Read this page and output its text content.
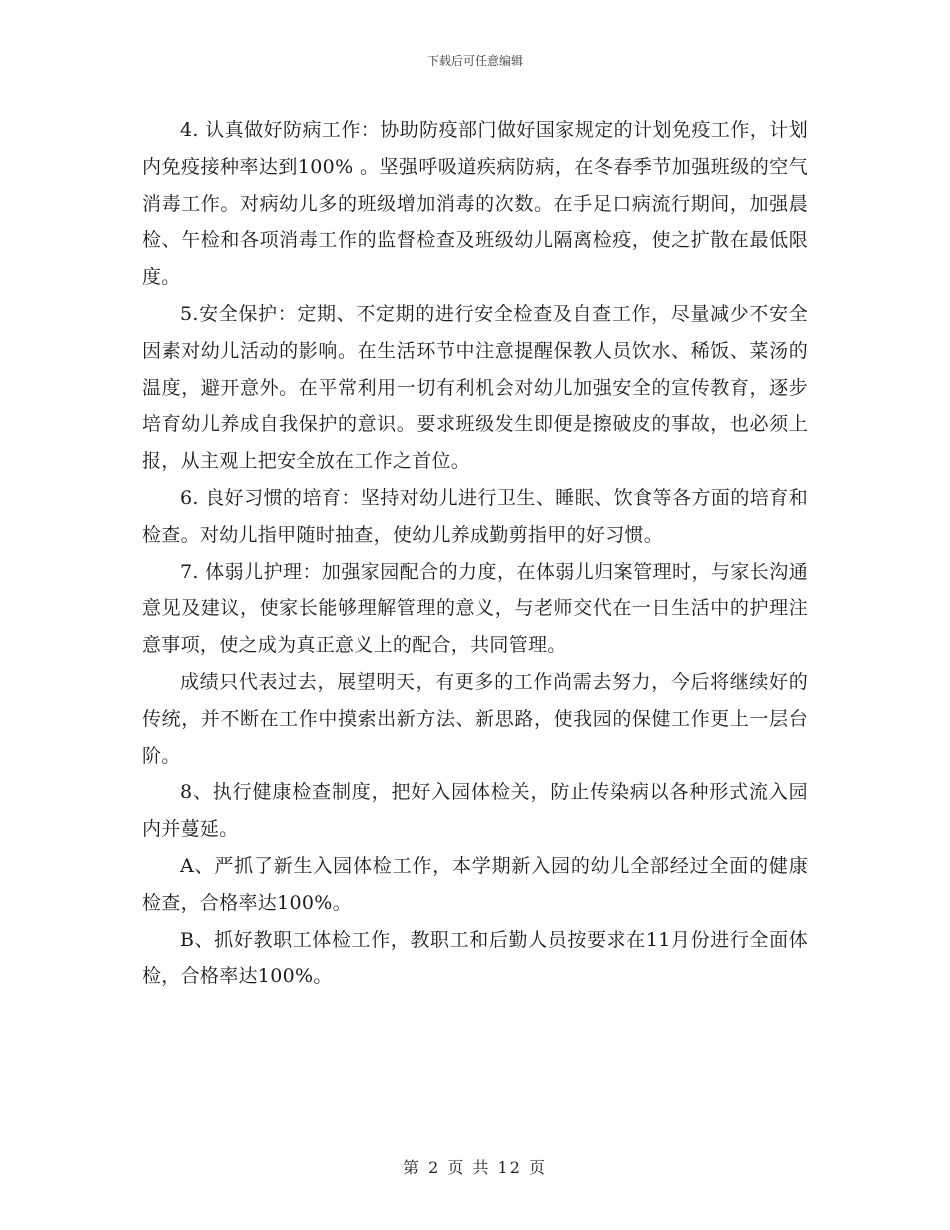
下载后可任意编辑

4. 认真做好防病工作：协助防疫部门做好国家规定的计划免疫工作，计划内免疫接种率达到100% 。坚强呼吸道疾病防病，在冬春季节加强班级的空气消毒工作。对病幼儿多的班级增加消毒的次数。在手足口病流行期间，加强晨检、午检和各项消毒工作的监督检查及班级幼儿隔离检疫，使之扩散在最低限度。

5.安全保护：定期、不定期的进行安全检查及自查工作，尽量减少不安全因素对幼儿活动的影响。在生活环节中注意提醒保教人员饮水、稀饭、菜汤的温度，避开意外。在平常利用一切有利机会对幼儿加强安全的宣传教育，逐步培育幼儿养成自我保护的意识。要求班级发生即便是擦破皮的事故，也必须上报，从主观上把安全放在工作之首位。

6. 良好习惯的培育：坚持对幼儿进行卫生、睡眠、饮食等各方面的培育和检查。对幼儿指甲随时抽查，使幼儿养成勤剪指甲的好习惯。

7. 体弱儿护理：加强家园配合的力度，在体弱儿归案管理时，与家长沟通意见及建议，使家长能够理解管理的意义，与老师交代在一日生活中的护理注意事项，使之成为真正意义上的配合，共同管理。

成绩只代表过去，展望明天，有更多的工作尚需去努力，今后将继续好的传统，并不断在工作中摸索出新方法、新思路，使我园的保健工作更上一层台阶。

8、执行健康检查制度，把好入园体检关，防止传染病以各种形式流入园内并蔓延。

A、严抓了新生入园体检工作，本学期新入园的幼儿全部经过全面的健康检查，合格率达100%。

B、抓好教职工体检工作，教职工和后勤人员按要求在11月份进行全面体检，合格率达100%。

第 2 页 共 12 页
